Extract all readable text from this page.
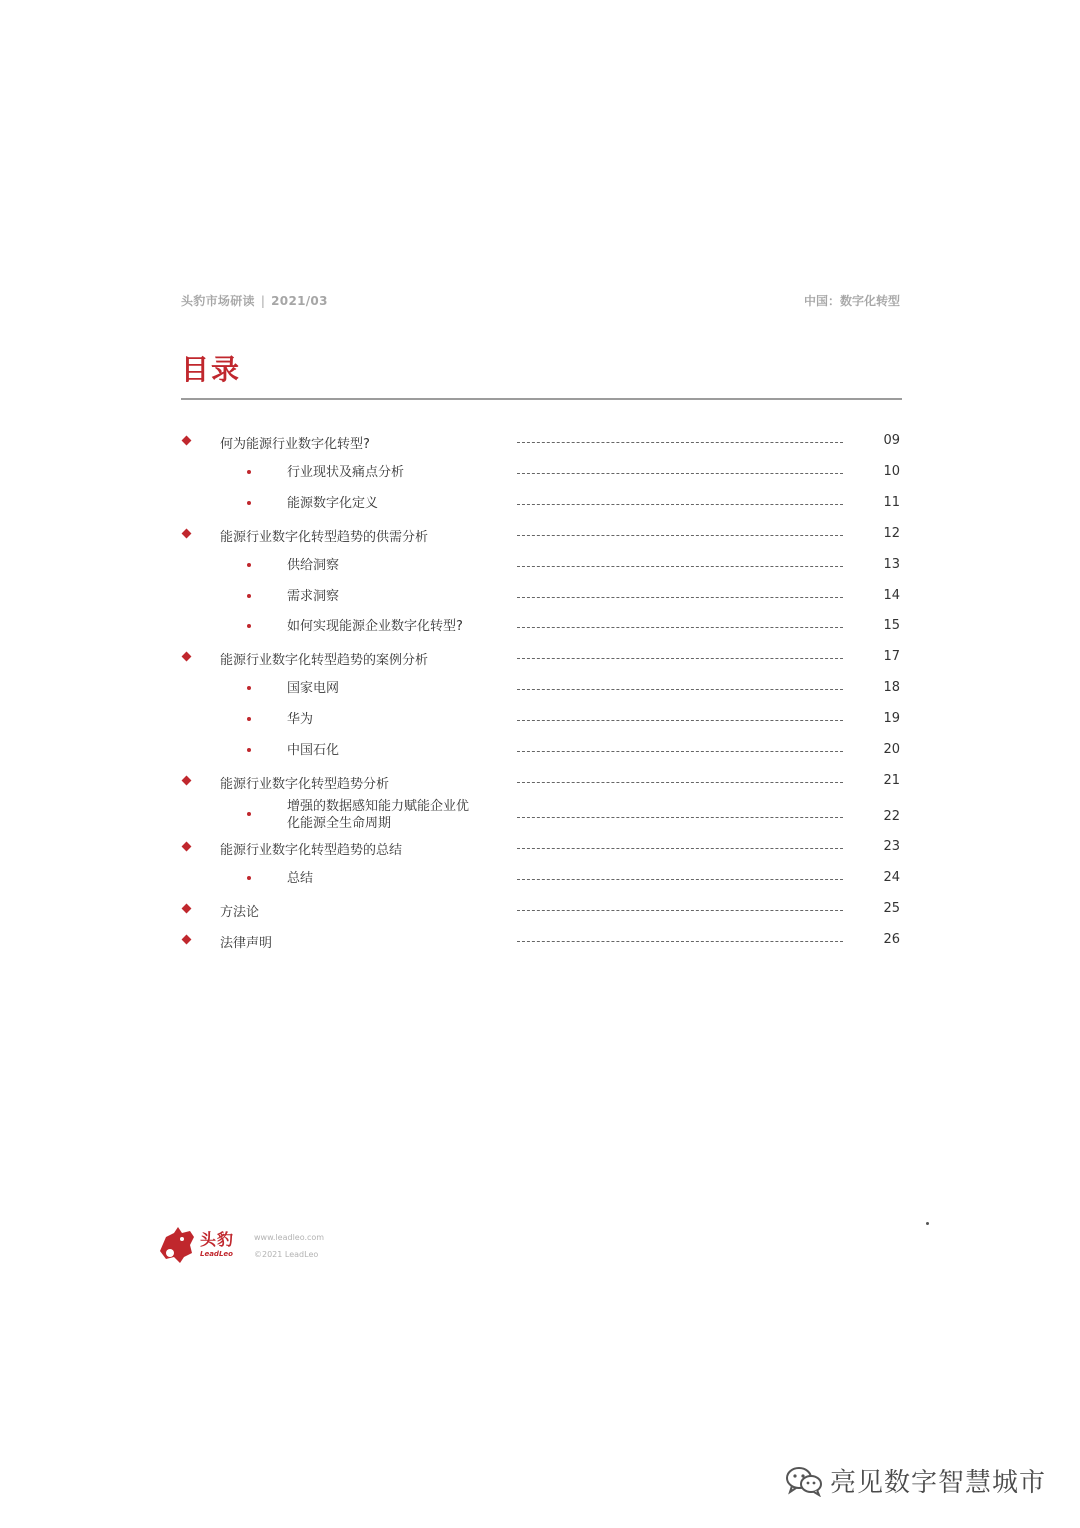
头豹市场研读 | 2021/03	中国：数字化转型
目录
何为能源行业数字化转型?	09
行业现状及痛点分析	10
能源数字化定义	11
能源行业数字化转型趋势的供需分析	12
供给洞察	13
需求洞察	14
如何实现能源企业数字化转型?	15
能源行业数字化转型趋势的案例分析	17
国家电网	18
华为	19
中国石化	20
能源行业数字化转型趋势分析	21
增强的数据感知能力赋能企业优化能源全生命周期	22
能源行业数字化转型趋势的总结	23
总结	24
方法论	25
法律声明	26
头豹
LeadLeo
www.leadleo.com
©2021 LeadLeo
亮见数字智慧城市
